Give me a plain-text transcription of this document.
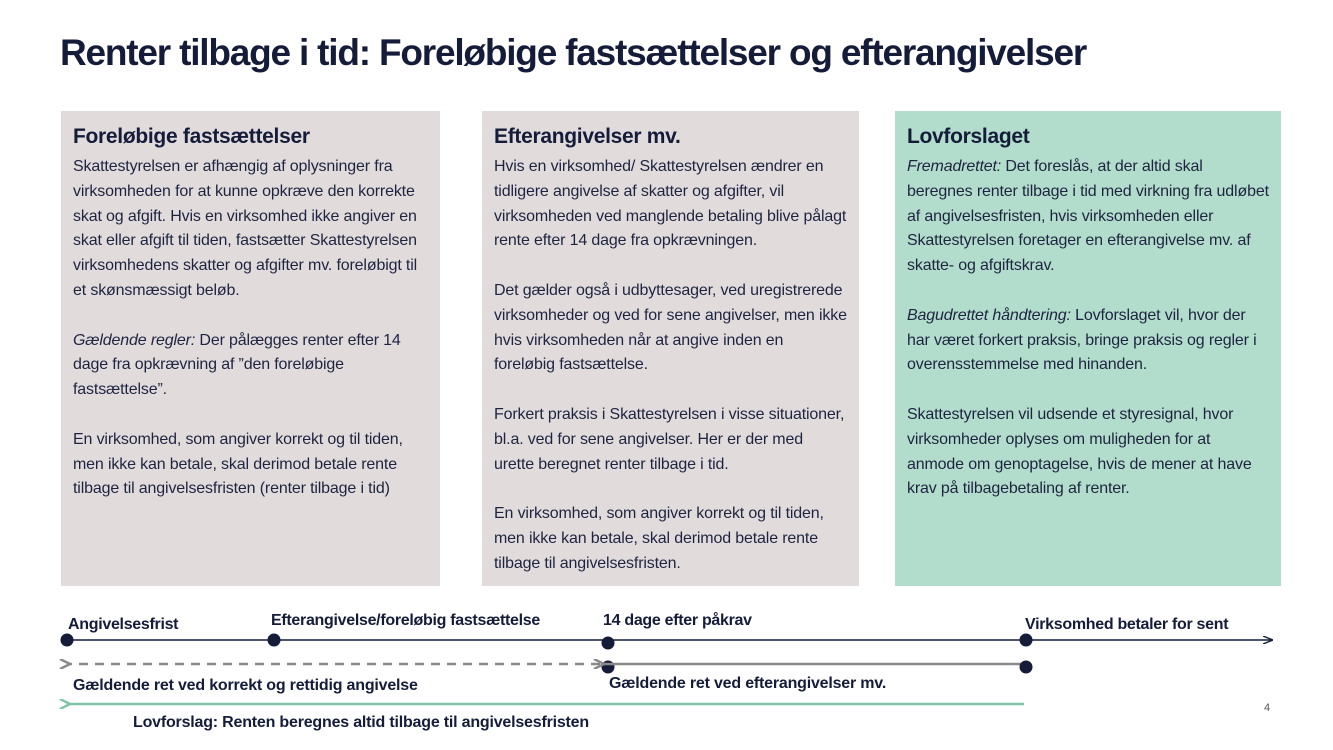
Renter tilbage i tid: Foreløbige fastsættelser og efterangivelser
Foreløbige fastsættelser

Skattestyrelsen er afhængig af oplysninger fra virksomheden for at kunne opkræve den korrekte skat og afgift. Hvis en virksomhed ikke angiver en skat eller afgift til tiden, fastsætter Skattestyrelsen virksomhedens skatter og afgifter mv. foreløbigt til et skønsmæssigt beløb.

Gældende regler: Der pålægges renter efter 14 dage fra opkrævning af ”den foreløbige fastsættelse”.

En virksomhed, som angiver korrekt og til tiden, men ikke kan betale, skal derimod betale rente tilbage til angivelsesfristen (renter tilbage i tid)

Efterangivelser mv.

Hvis en virksomhed/ Skattestyrelsen ændrer en tidligere angivelse af skatter og afgifter, vil virksomheden ved manglende betaling blive pålagt rente efter 14 dage fra opkrævningen.

Det gælder også i udbyttesager, ved uregistrerede virksomheder og ved for sene angivelser, men ikke hvis virksomheden når at angive inden en foreløbig fastsættelse.

Forkert praksis i Skattestyrelsen i visse situationer, bl.a. ved for sene angivelser. Her er der med urette beregnet renter tilbage i tid.

En virksomhed, som angiver korrekt og til tiden, men ikke kan betale, skal derimod betale rente tilbage til angivelsesfristen.

Lovforslaget

Fremadrettet: Det foreslås, at der altid skal beregnes renter tilbage i tid med virkning fra udløbet af angivelsesfristen, hvis virksomheden eller Skattestyrelsen foretager en efterangivelse mv. af skatte- og afgiftskrav.

Bagudrettet håndtering: Lovforslaget vil, hvor der har været forkert praksis, bringe praksis og regler i overensstemmelse med hinanden.

Skattestyrelsen vil udsende et styresignal, hvor virksomheder oplyses om muligheden for at anmode om genoptagelse, hvis de mener at have krav på tilbagebetaling af renter.

Angivelsesfrist	Efterangivelse/foreløbig fastsættelse	14 dage efter påkrav	Virksomhed betaler for sent
Gældende ret ved korrekt og rettidig angivelse	Gældende ret ved efterangivelser mv.
Lovforslag: Renten beregnes altid tilbage til angivelsesfristen
4
